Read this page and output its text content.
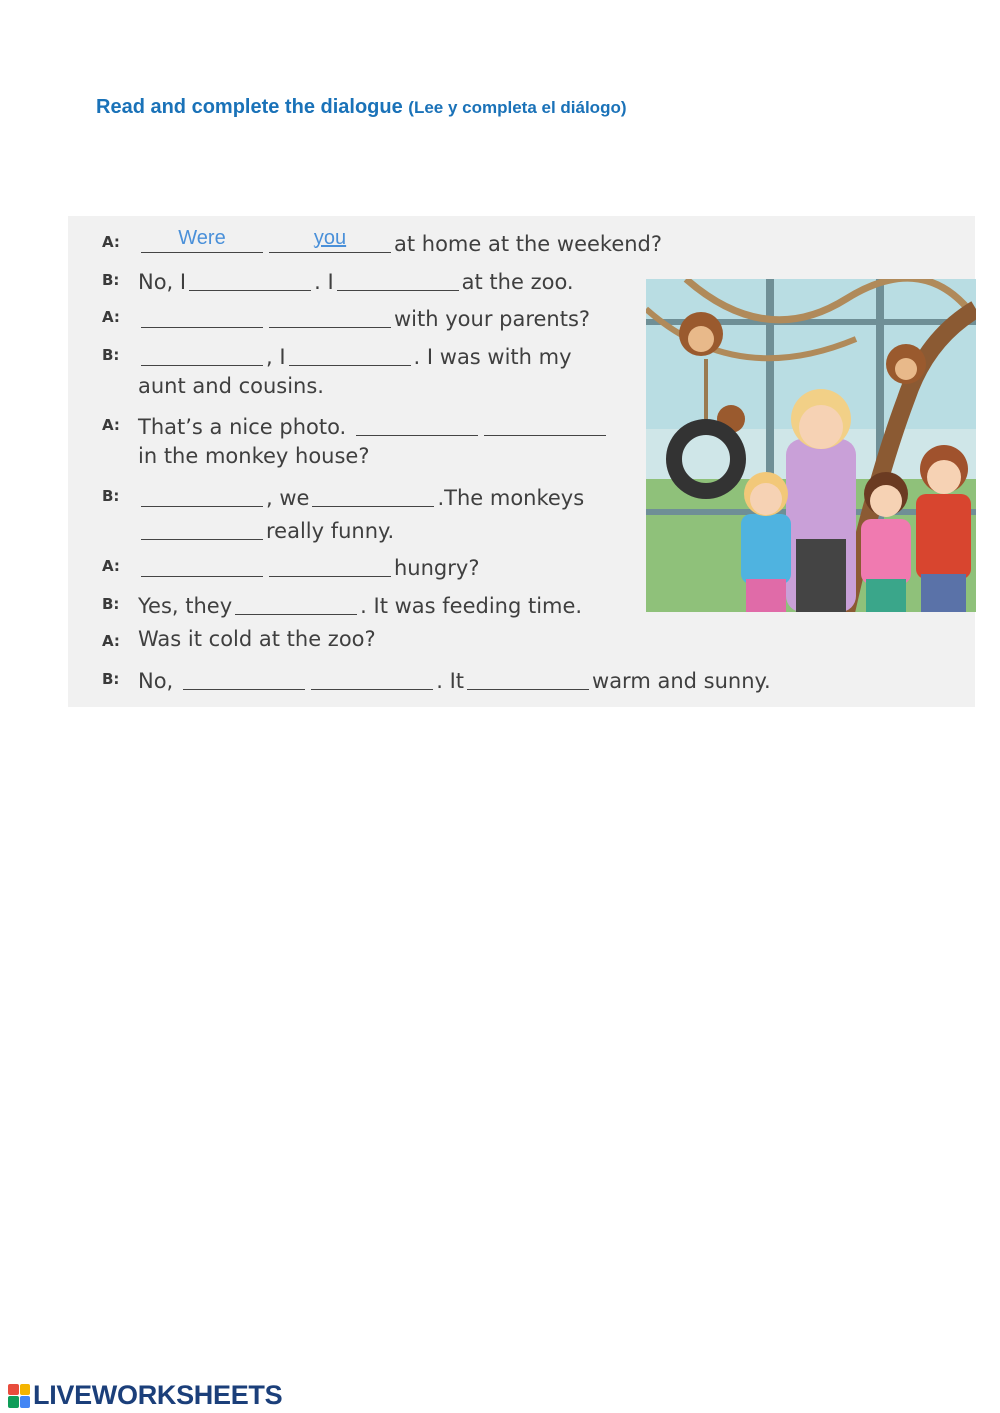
Read and complete the dialogue (Lee y completa el diálogo)
A:	Were	you	at home at the weekend?
B: No, I	. I	at the zoo.
A:	with your parents?
B:	, I	. I was with my
aunt and cousins.
A: That’s a nice photo.
in the monkey house?
B:	, we	.The monkeys
really funny.
A:	hungry?
B: Yes, they	. It was feeding time.
A: Was it cold at the zoo?
B: No,	. It	warm and sunny.
LIVEWORKSHEETS
